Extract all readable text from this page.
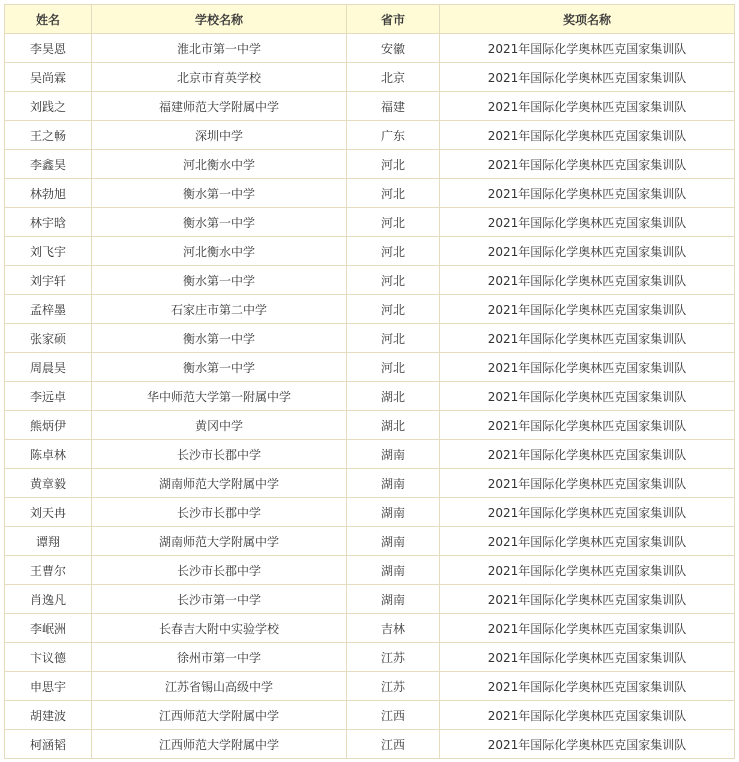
姓名	学校名称	省市	奖项名称
李昊恩	淮北市第一中学	安徽	2021年国际化学奥林匹克国家集训队
吴尚霖	北京市育英学校	北京	2021年国际化学奥林匹克国家集训队
刘践之	福建师范大学附属中学	福建	2021年国际化学奥林匹克国家集训队
王之畅	深圳中学	广东	2021年国际化学奥林匹克国家集训队
李鑫昊	河北衡水中学	河北	2021年国际化学奥林匹克国家集训队
林勃旭	衡水第一中学	河北	2021年国际化学奥林匹克国家集训队
林宇晗	衡水第一中学	河北	2021年国际化学奥林匹克国家集训队
刘飞宇	河北衡水中学	河北	2021年国际化学奥林匹克国家集训队
刘宇轩	衡水第一中学	河北	2021年国际化学奥林匹克国家集训队
孟梓墨	石家庄市第二中学	河北	2021年国际化学奥林匹克国家集训队
张家硕	衡水第一中学	河北	2021年国际化学奥林匹克国家集训队
周晨昊	衡水第一中学	河北	2021年国际化学奥林匹克国家集训队
李远卓	华中师范大学第一附属中学	湖北	2021年国际化学奥林匹克国家集训队
熊炳伊	黄冈中学	湖北	2021年国际化学奥林匹克国家集训队
陈卓林	长沙市长郡中学	湖南	2021年国际化学奥林匹克国家集训队
黄章毅	湖南师范大学附属中学	湖南	2021年国际化学奥林匹克国家集训队
刘天冉	长沙市长郡中学	湖南	2021年国际化学奥林匹克国家集训队
谭翔	湖南师范大学附属中学	湖南	2021年国际化学奥林匹克国家集训队
王曹尔	长沙市长郡中学	湖南	2021年国际化学奥林匹克国家集训队
肖逸凡	长沙市第一中学	湖南	2021年国际化学奥林匹克国家集训队
李岷洲	长春吉大附中实验学校	吉林	2021年国际化学奥林匹克国家集训队
卞议德	徐州市第一中学	江苏	2021年国际化学奥林匹克国家集训队
申思宇	江苏省锡山高级中学	江苏	2021年国际化学奥林匹克国家集训队
胡建波	江西师范大学附属中学	江西	2021年国际化学奥林匹克国家集训队
柯涵韬	江西师范大学附属中学	江西	2021年国际化学奥林匹克国家集训队
